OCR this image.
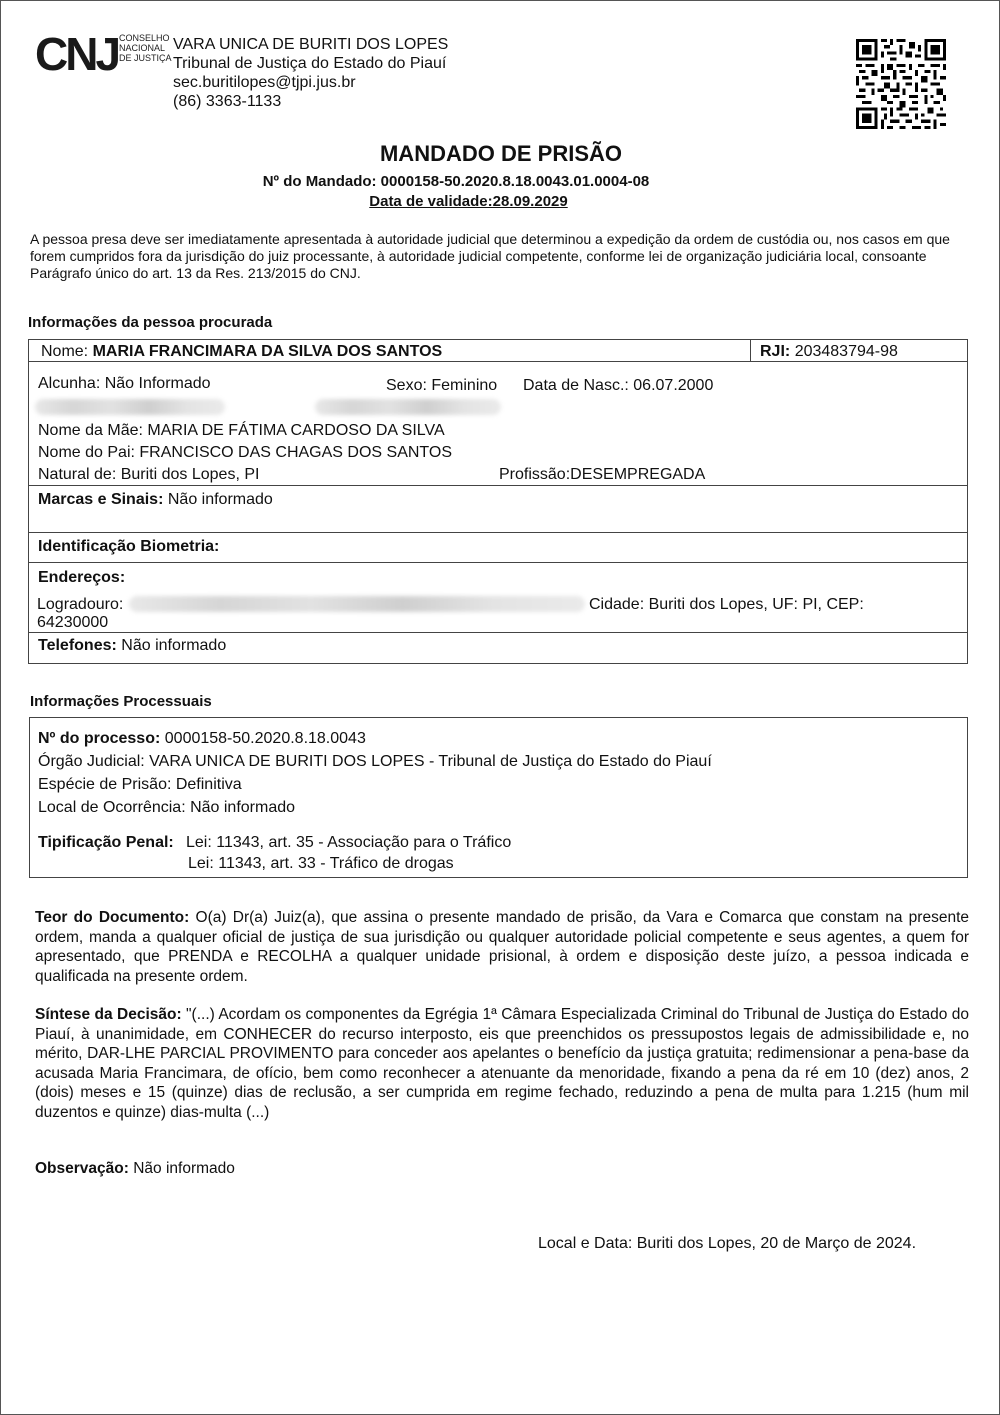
CNJ CONSELHO
NACIONAL
DE JUSTIÇA
VARA UNICA DE BURITI DOS LOPES
Tribunal de Justiça do Estado do Piauí
sec.buritilopes@tjpi.jus.br
(86) 3363-1133
MANDADO DE PRISÃO
Nº do Mandado: 0000158-50.2020.8.18.0043.01.0004-08
Data de validade:28.09.2029
A pessoa presa deve ser imediatamente apresentada à autoridade judicial que determinou a expedição da ordem de custódia ou, nos casos em que forem cumpridos fora da jurisdição do juiz processante, à autoridade judicial competente, conforme lei de organização judiciária local, consoante Parágrafo único do art. 13 da Res. 213/2015 do CNJ.
Informações da pessoa procurada
Nome: MARIA FRANCIMARA DA SILVA DOS SANTOS	RJI: 203483794-98
Alcunha: Não Informado	Sexo: Feminino Data de Nasc.: 06.07.2000
Nome da Mãe: MARIA DE FÁTIMA CARDOSO DA SILVA
Nome do Pai: FRANCISCO DAS CHAGAS DOS SANTOS
Natural de: Buriti dos Lopes, PI	Profissão:DESEMPREGADA
Marcas e Sinais: Não informado
Identificação Biometria:
Endereços:
Logradouro:	Cidade: Buriti dos Lopes, UF: PI, CEP:
64230000
Telefones: Não informado
Informações Processuais
Nº do processo: 0000158-50.2020.8.18.0043
Órgão Judicial: VARA UNICA DE BURITI DOS LOPES - Tribunal de Justiça do Estado do Piauí
Espécie de Prisão: Definitiva
Local de Ocorrência: Não informado
Tipificação Penal: Lei: 11343, art. 35 - Associação para o Tráfico
Lei: 11343, art. 33 - Tráfico de drogas
Teor do Documento: O(a) Dr(a) Juiz(a), que assina o presente mandado de prisão, da Vara e Comarca que constam na presente ordem, manda a qualquer oficial de justiça de sua jurisdição ou qualquer autoridade policial competente e seus agentes, a quem for apresentado, que PRENDA e RECOLHA a qualquer unidade prisional, à ordem e disposição deste juízo, a pessoa indicada e qualificada na presente ordem.
Síntese da Decisão: "(...) Acordam os componentes da Egrégia 1ª Câmara Especializada Criminal do Tribunal de Justiça do Estado do Piauí, à unanimidade, em CONHECER do recurso interposto, eis que preenchidos os pressupostos legais de admissibilidade e, no mérito, DAR-LHE PARCIAL PROVIMENTO para conceder aos apelantes o benefício da justiça gratuita; redimensionar a pena-base da acusada Maria Francimara, de ofício, bem como reconhecer a atenuante da menoridade, fixando a pena da ré em 10 (dez) anos, 2 (dois) meses e 15 (quinze) dias de reclusão, a ser cumprida em regime fechado, reduzindo a pena de multa para 1.215 (hum mil duzentos e quinze) dias-multa (...)
Observação: Não informado
Local e Data: Buriti dos Lopes, 20 de Março de 2024.
